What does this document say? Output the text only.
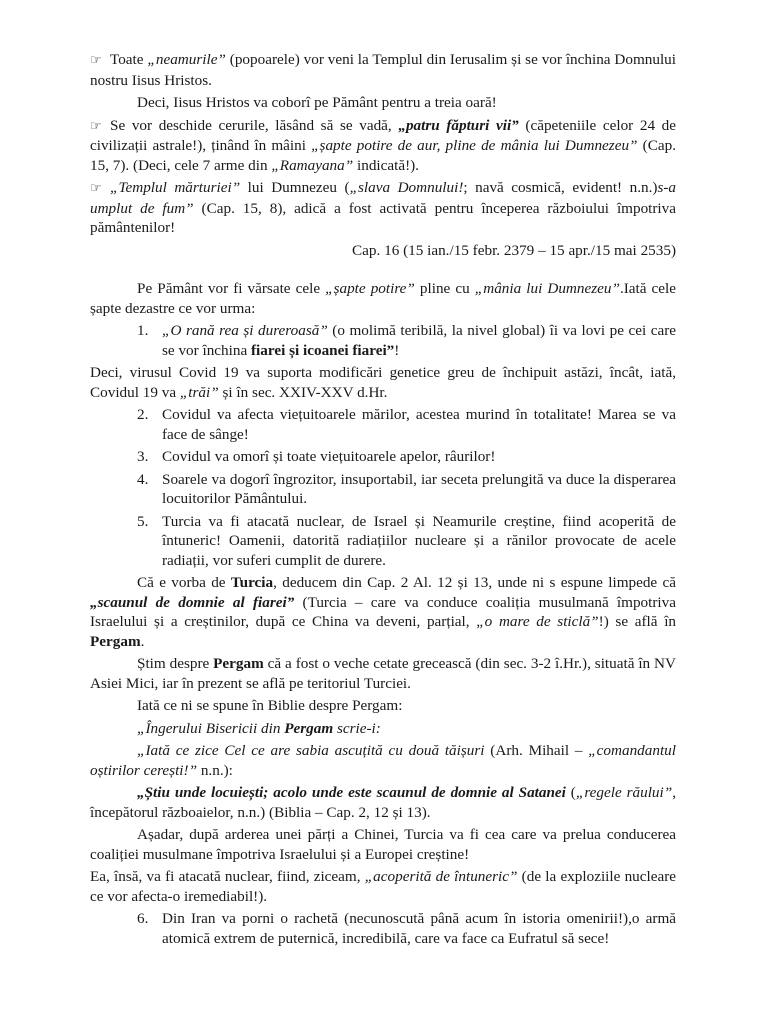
☞ Toate „neamurile” (popoarele) vor veni la Templul din Ierusalim și se vor închina Domnului nostru Iisus Hristos.

Deci, Iisus Hristos va coborî pe Pământ pentru a treia oară!

☞ Se vor deschide cerurile, lăsând să se vadă, „patru făpturi vii” (căpeteniile celor 24 de civilizații astrale!), ținând în mâini „șapte potire de aur, pline de mânia lui Dumnezeu” (Cap. 15, 7). (Deci, cele 7 arme din „Ramayana” indicată!).

☞ „Templul mărturiei” lui Dumnezeu („slava Domnului!; navă cosmică, evident! n.n.)s-a umplut de fum” (Cap. 15, 8), adică a fost activată pentru începerea războiului împotriva pământenilor!

Cap. 16 (15 ian./15 febr. 2379 – 15 apr./15 mai 2535)

Pe Pământ vor fi vărsate cele „șapte potire” pline cu „mânia lui Dumnezeu”.Iată cele șapte dezastre ce vor urma:

1. „O rană rea și dureroasă” (o molimă teribilă, la nivel global) îi va lovi pe cei care se vor închina fiarei și icoanei fiarei”!

Deci, virusul Covid 19 va suporta modificări genetice greu de închipuit astăzi, încât, iată, Covidul 19 va „trăi” și în sec. XXIV-XXV d.Hr.

2. Covidul va afecta viețuitoarele mărilor, acestea murind în totalitate! Marea se va face de sânge!
3. Covidul va omorî și toate viețuitoarele apelor, râurilor!
4. Soarele va dogorî îngrozitor, insuportabil, iar seceta prelungită va duce la disperarea locuitorilor Pământului.
5. Turcia va fi atacată nuclear, de Israel și Neamurile creștine, fiind acoperită de întuneric! Oamenii, datorită radiațiilor nucleare și a rănilor provocate de acele radiații, vor suferi cumplit de durere.

Că e vorba de Turcia, deducem din Cap. 2 Al. 12 și 13, unde ni s espune limpede că „scaunul de domnie al fiarei” (Turcia – care va conduce coaliția musulmană împotriva Israelului și a creștinilor, după ce China va deveni, parțial, „o mare de sticlă”!) se află în Pergam.

Știm despre Pergam că a fost o veche cetate grecească (din sec. 3-2 î.Hr.), situată în NV Asiei Mici, iar în prezent se află pe teritoriul Turciei.

Iată ce ni se spune în Biblie despre Pergam:

„Îngerului Bisericii din Pergam scrie-i:

„Iată ce zice Cel ce are sabia ascuțită cu două tăișuri (Arh. Mihail – „comandantul oștirilor cerești!” n.n.):

„Știu unde locuiești; acolo unde este scaunul de domnie al Satanei („regele răului”, începătorul războaielor, n.n.) (Biblia – Cap. 2, 12 și 13).

Așadar, după arderea unei părți a Chinei, Turcia va fi cea care va prelua conducerea coaliției musulmane împotriva Israelului și a Europei creștine!

Ea, însă, va fi atacată nuclear, fiind, ziceam, „acoperită de întuneric” (de la exploziile nucleare ce vor afecta-o iremediabil!).

6. Din Iran va porni o rachetă (necunoscută până acum în istoria omenirii!),o armă atomică extrem de puternică, incredibilă, care va face ca Eufratul să sece!
